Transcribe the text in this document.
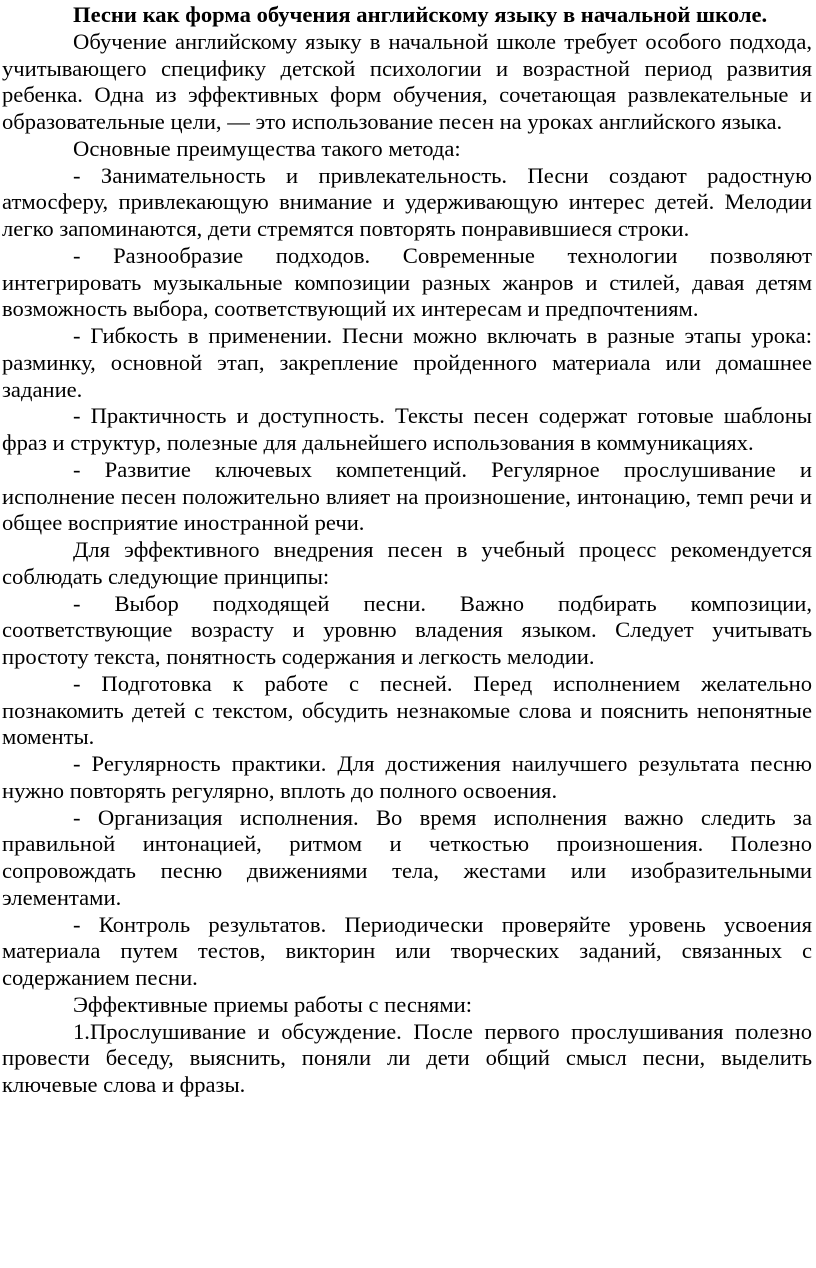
Песни как форма обучения английскому языку в начальной школе.

Обучение английскому языку в начальной школе требует особого подхода, учитывающего специфику детской психологии и возрастной период развития ребенка. Одна из эффективных форм обучения, сочетающая развлекательные и образовательные цели, — это использование песен на уроках английского языка.

Основные преимущества такого метода:

- Занимательность и привлекательность. Песни создают радостную атмосферу, привлекающую внимание и удерживающую интерес детей. Мелодии легко запоминаются, дети стремятся повторять понравившиеся строки.

- Разнообразие подходов. Современные технологии позволяют интегрировать музыкальные композиции разных жанров и стилей, давая детям возможность выбора, соответствующий их интересам и предпочтениям.

- Гибкость в применении. Песни можно включать в разные этапы урока: разминку, основной этап, закрепление пройденного материала или домашнее задание.

- Практичность и доступность. Тексты песен содержат готовые шаблоны фраз и структур, полезные для дальнейшего использования в коммуникациях.

- Развитие ключевых компетенций. Регулярное прослушивание и исполнение песен положительно влияет на произношение, интонацию, темп речи и общее восприятие иностранной речи.

Для эффективного внедрения песен в учебный процесс рекомендуется соблюдать следующие принципы:

- Выбор подходящей песни. Важно подбирать композиции, соответствующие возрасту и уровню владения языком. Следует учитывать простоту текста, понятность содержания и легкость мелодии.

- Подготовка к работе с песней. Перед исполнением желательно познакомить детей с текстом, обсудить незнакомые слова и пояснить непонятные моменты.

- Регулярность практики. Для достижения наилучшего результата песню нужно повторять регулярно, вплоть до полного освоения.

- Организация исполнения. Во время исполнения важно следить за правильной интонацией, ритмом и четкостью произношения. Полезно сопровождать песню движениями тела, жестами или изобразительными элементами.

- Контроль результатов. Периодически проверяйте уровень усвоения материала путем тестов, викторин или творческих заданий, связанных с содержанием песни.

Эффективные приемы работы с песнями:

1.Прослушивание и обсуждение. После первого прослушивания полезно провести беседу, выяснить, поняли ли дети общий смысл песни, выделить ключевые слова и фразы.
